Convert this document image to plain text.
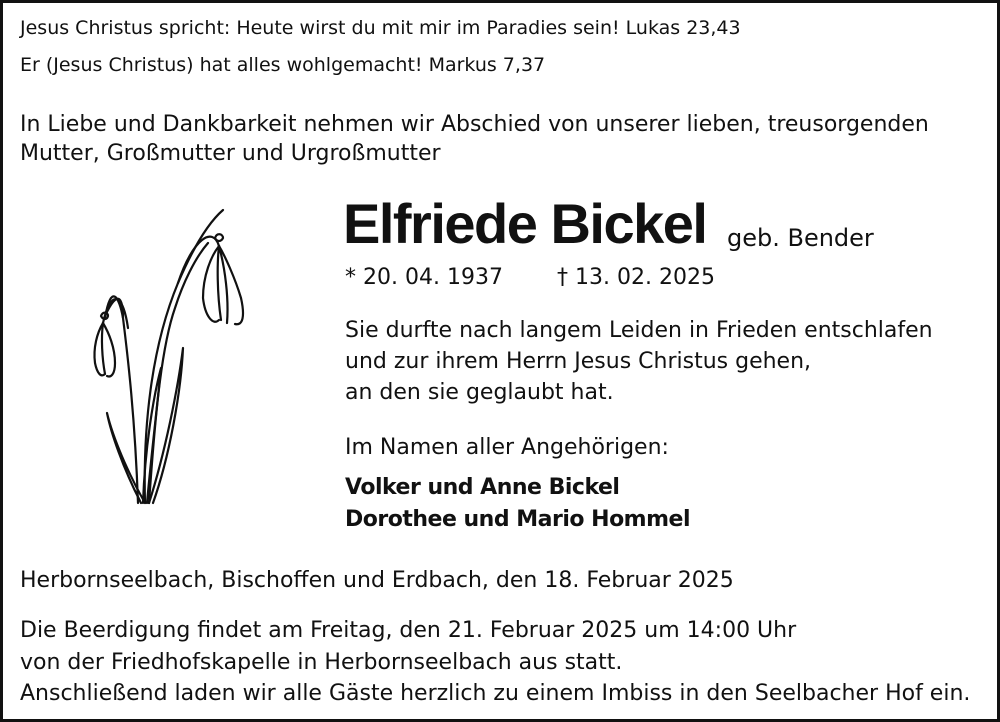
Jesus Christus spricht: Heute wirst du mit mir im Paradies sein! Lukas 23,43

Er (Jesus Christus) hat alles wohlgemacht! Markus 7,37

In Liebe und Dankbarkeit nehmen wir Abschied von unserer lieben, treusorgenden

Mutter, Großmutter und Urgroßmutter

Elfriede Bickel geb. Bender

* 20. 04. 1937 † 13. 02. 2025

Sie durfte nach langem Leiden in Frieden entschlafen

und zur ihrem Herrn Jesus Christus gehen,

an den sie geglaubt hat.

Im Namen aller Angehörigen:

Volker und Anne Bickel

Dorothee und Mario Hommel

Herbornseelbach, Bischoffen und Erdbach, den 18. Februar 2025

Die Beerdigung findet am Freitag, den 21. Februar 2025 um 14:00 Uhr

von der Friedhofskapelle in Herbornseelbach aus statt.

Anschließend laden wir alle Gäste herzlich zu einem Imbiss in den Seelbacher Hof ein.
